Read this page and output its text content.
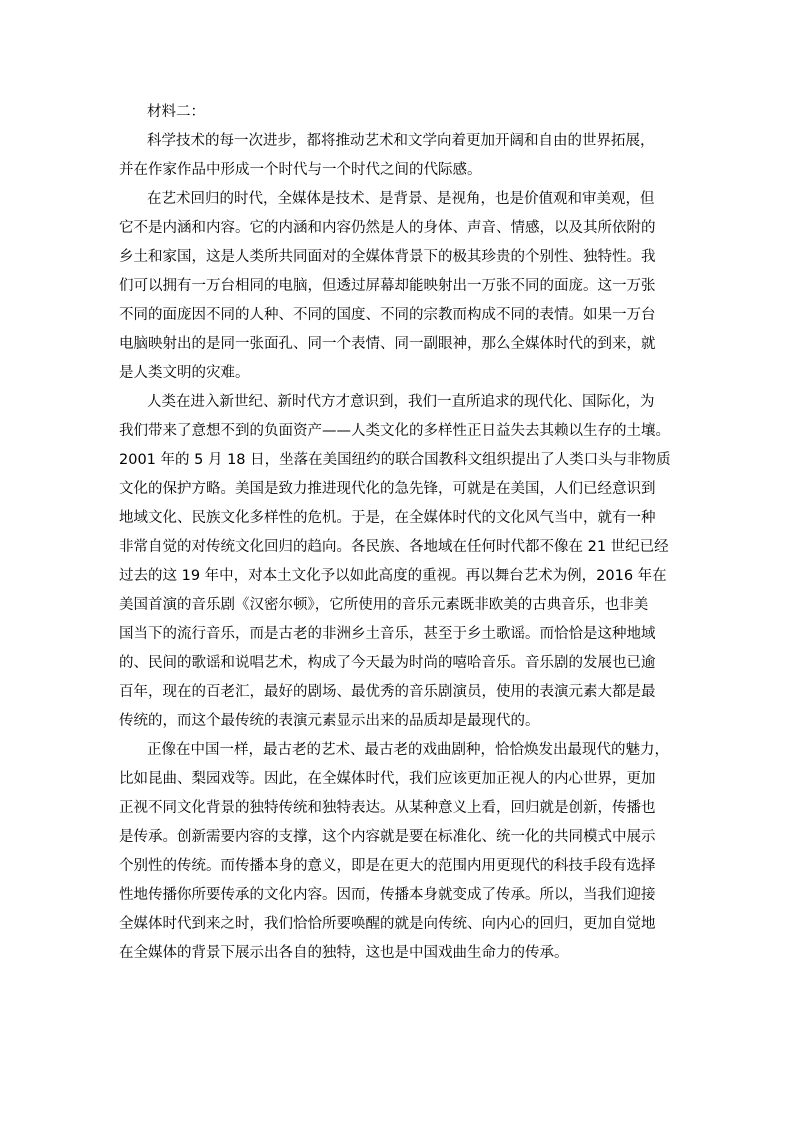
材料二：

科学技术的每一次进步，都将推动艺术和文学向着更加开阔和自由的世界拓展，
并在作家作品中形成一个时代与一个时代之间的代际感。
在艺术回归的时代，全媒体是技术、是背景、是视角，也是价值观和审美观，但
它不是内涵和内容。它的内涵和内容仍然是人的身体、声音、情感，以及其所依附的
乡土和家国，这是人类所共同面对的全媒体背景下的极其珍贵的个别性、独特性。我
们可以拥有一万台相同的电脑，但透过屏幕却能映射出一万张不同的面庞。这一万张
不同的面庞因不同的人种、不同的国度、不同的宗教而构成不同的表情。如果一万台
电脑映射出的是同一张面孔、同一个表情、同一副眼神，那么全媒体时代的到来，就
是人类文明的灾难。
人类在进入新世纪、新时代方才意识到，我们一直所追求的现代化、国际化，为
我们带来了意想不到的负面资产——人类文化的多样性正日益失去其赖以生存的土壤。
2001 年的 5 月 18 日，坐落在美国纽约的联合国教科文组织提出了人类口头与非物质
文化的保护方略。美国是致力推进现代化的急先锋，可就是在美国，人们已经意识到
地域文化、民族文化多样性的危机。于是，在全媒体时代的文化风气当中，就有一种
非常自觉的对传统文化回归的趋向。各民族、各地域在任何时代都不像在 21 世纪已经
过去的这 19 年中，对本土文化予以如此高度的重视。再以舞台艺术为例，2016 年在
美国首演的音乐剧《汉密尔顿》，它所使用的音乐元素既非欧美的古典音乐，也非美
国当下的流行音乐，而是古老的非洲乡土音乐，甚至于乡土歌谣。而恰恰是这种地域
的、民间的歌谣和说唱艺术，构成了今天最为时尚的嘻哈音乐。音乐剧的发展也已逾
百年，现在的百老汇，最好的剧场、最优秀的音乐剧演员，使用的表演元素大都是最
传统的，而这个最传统的表演元素显示出来的品质却是最现代的。
正像在中国一样，最古老的艺术、最古老的戏曲剧种，恰恰焕发出最现代的魅力，
比如昆曲、梨园戏等。因此，在全媒体时代，我们应该更加正视人的内心世界，更加
正视不同文化背景的独特传统和独特表达。从某种意义上看，回归就是创新，传播也
是传承。创新需要内容的支撑，这个内容就是要在标准化、统一化的共同模式中展示
个别性的传统。而传播本身的意义，即是在更大的范围内用更现代的科技手段有选择
性地传播你所要传承的文化内容。因而，传播本身就变成了传承。所以，当我们迎接
全媒体时代到来之时，我们恰恰所要唤醒的就是向传统、向内心的回归，更加自觉地
在全媒体的背景下展示出各自的独特，这也是中国戏曲生命力的传承。
